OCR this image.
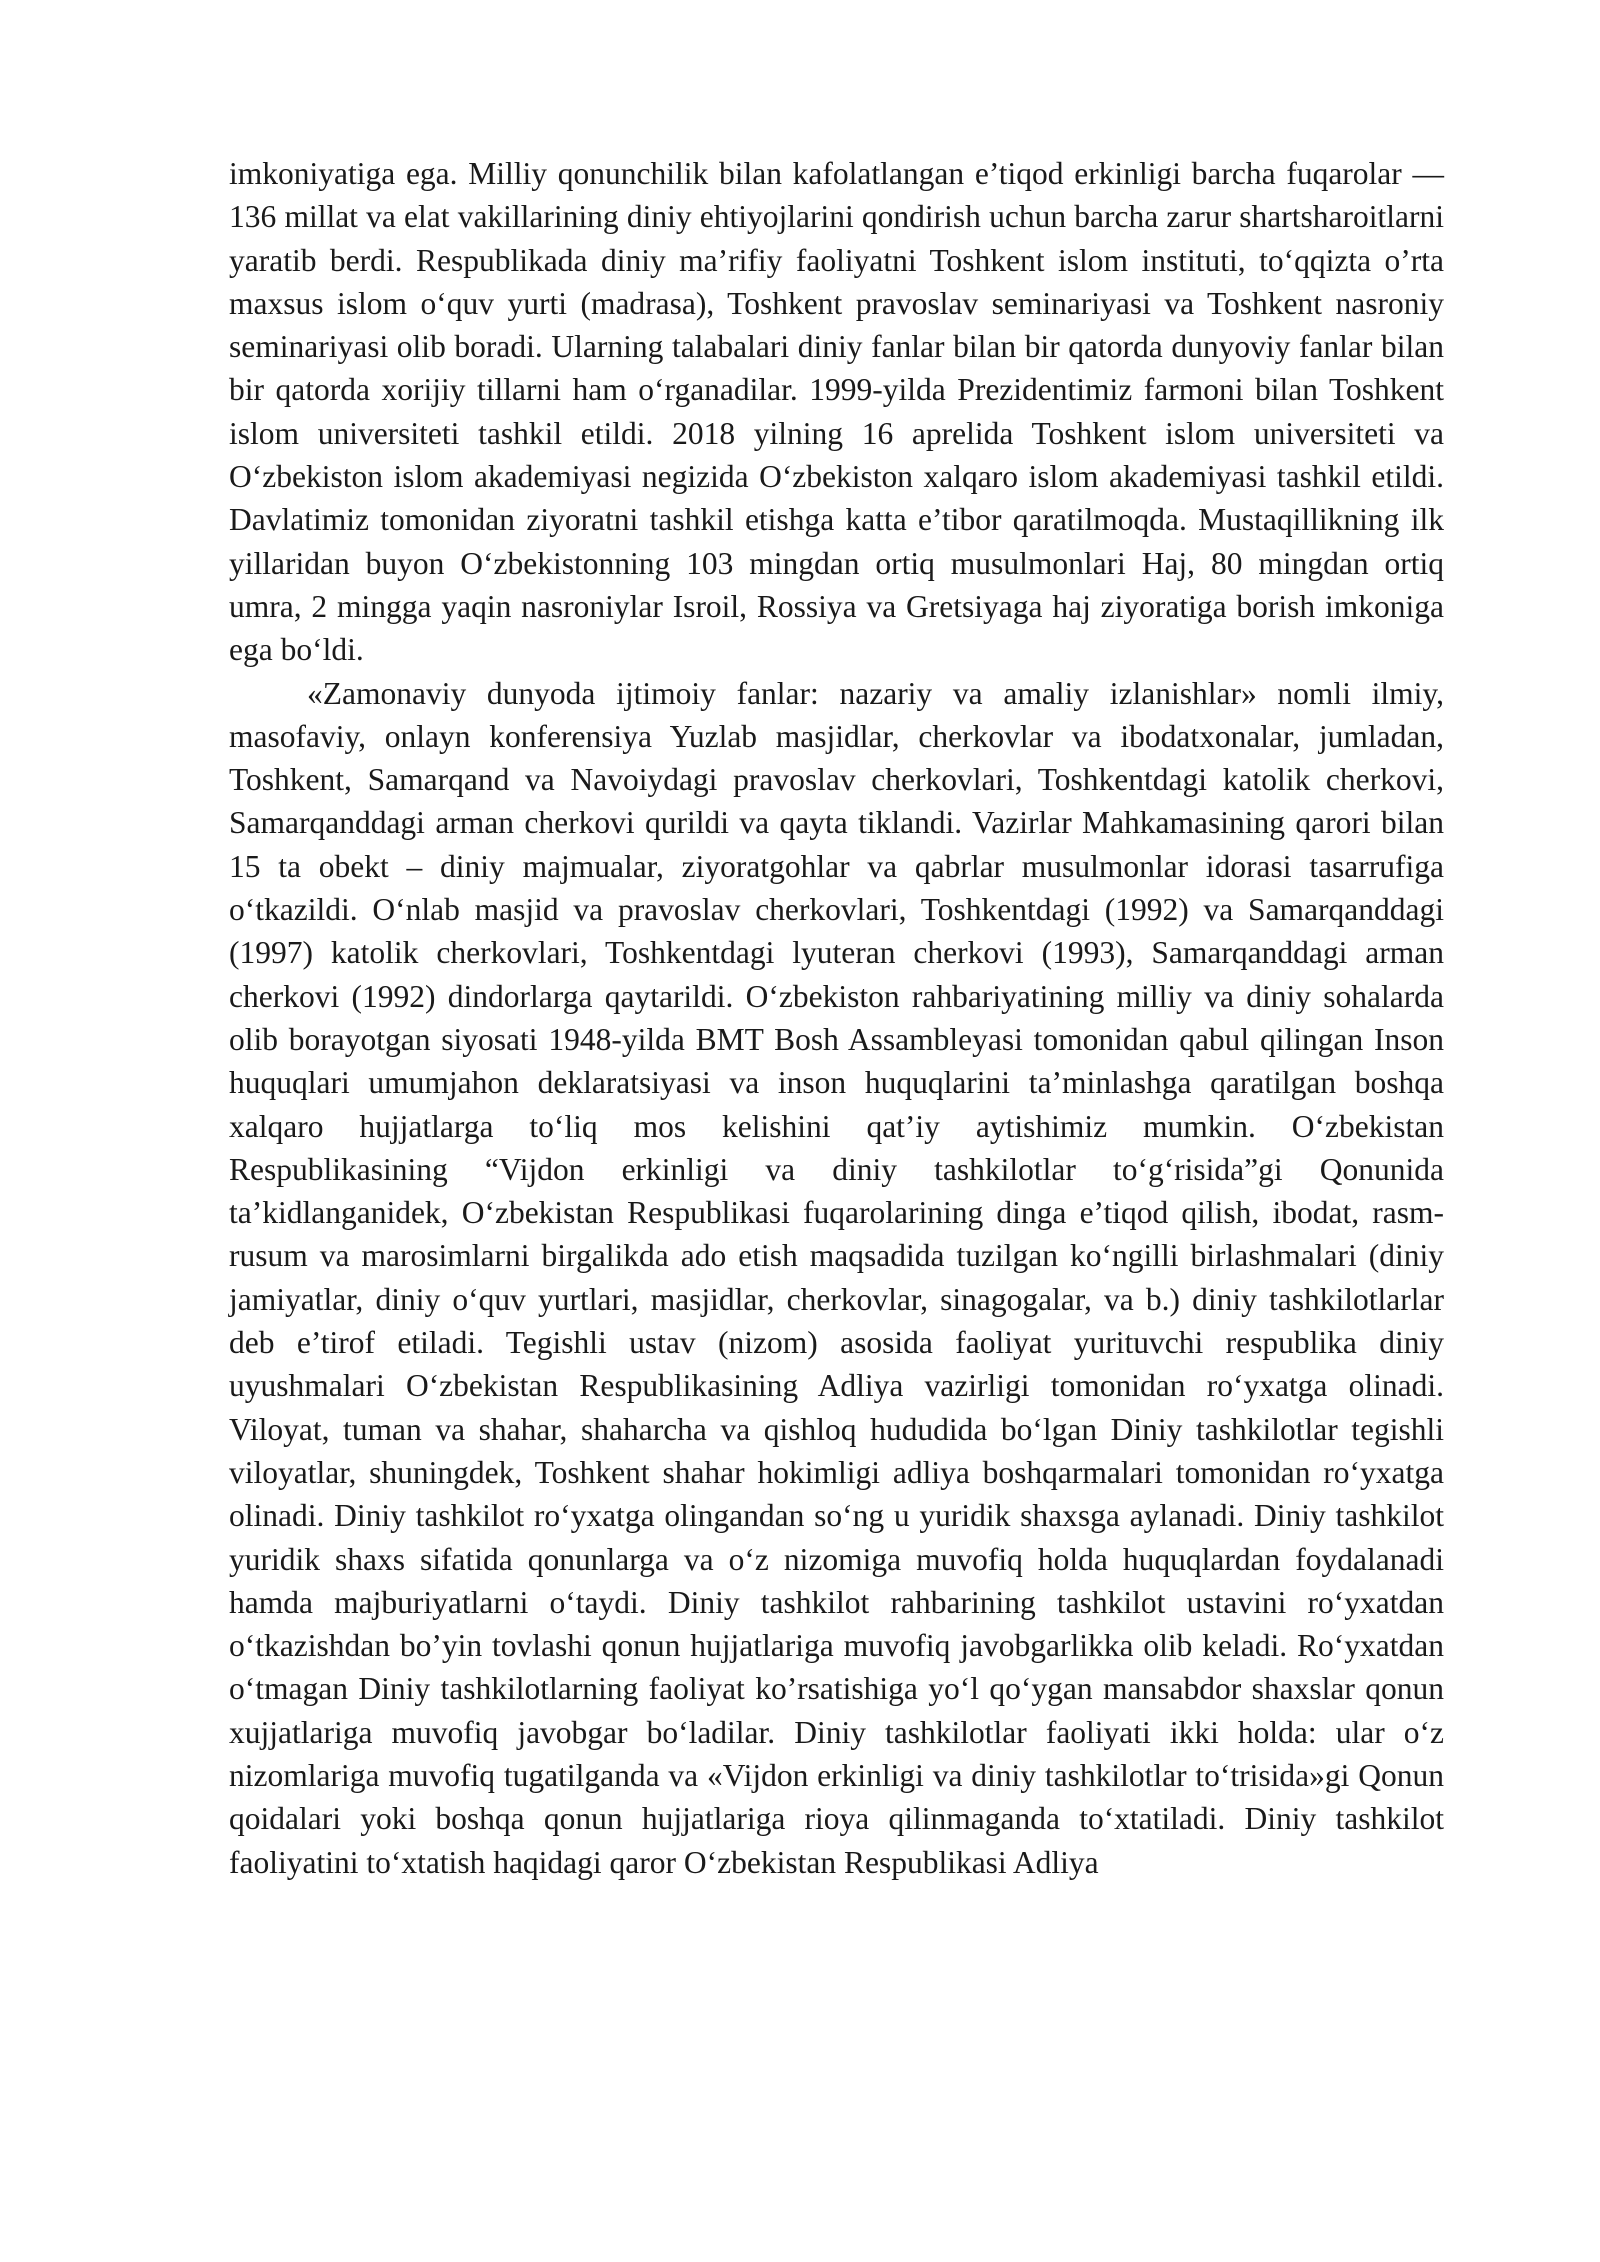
imkoniyatiga ega. Milliy qonunchilik bilan kafolatlangan e’tiqod erkinligi barcha fuqarolar — 136 millat va elat vakillarining diniy ehtiyojlarini qondirish uchun barcha zarur shartsharoitlarni yaratib berdi. Respublikada diniy ma’rifiy faoliyatni Toshkent islom instituti, to‘qqizta o’rta maxsus islom o‘quv yurti (madrasa), Toshkent pravoslav seminariyasi va Toshkent nasroniy seminariyasi olib boradi. Ularning talabalari diniy fanlar bilan bir qatorda dunyoviy fanlar bilan bir qatorda xorijiy tillarni ham o‘rganadilar. 1999-yilda Prezidentimiz farmoni bilan Toshkent islom universiteti tashkil etildi. 2018 yilning 16 aprelida Toshkent islom universiteti va O‘zbekiston islom akademiyasi negizida O‘zbekiston xalqaro islom akademiyasi tashkil etildi. Davlatimiz tomonidan ziyoratni tashkil etishga katta e’tibor qaratilmoqda. Mustaqillikning ilk yillaridan buyon O‘zbekistonning 103 mingdan ortiq musulmonlari Haj, 80 mingdan ortiq umra, 2 mingga yaqin nasroniylar Isroil, Rossiya va Gretsiyaga haj ziyoratiga borish imkoniga ega bo‘ldi.

«Zamonaviy dunyoda ijtimoiy fanlar: nazariy va amaliy izlanishlar» nomli ilmiy, masofaviy, onlayn konferensiya Yuzlab masjidlar, cherkovlar va ibodatxonalar, jumladan, Toshkent, Samarqand va Navoiydagi pravoslav cherkovlari, Toshkentdagi katolik cherkovi, Samarqanddagi arman cherkovi qurildi va qayta tiklandi. Vazirlar Mahkamasining qarori bilan 15 ta obekt – diniy majmualar, ziyoratgohlar va qabrlar musulmonlar idorasi tasarrufiga o‘tkazildi. O‘nlab masjid va pravoslav cherkovlari, Toshkentdagi (1992) va Samarqanddagi (1997) katolik cherkovlari, Toshkentdagi lyuteran cherkovi (1993), Samarqanddagi arman cherkovi (1992) dindorlarga qaytarildi. O‘zbekiston rahbariyatining milliy va diniy sohalarda olib borayotgan siyosati 1948-yilda BMT Bosh Assambleyasi tomonidan qabul qilingan Inson huquqlari umumjahon deklaratsiyasi va inson huquqlarini ta’minlashga qaratilgan boshqa xalqaro hujjatlarga to‘liq mos kelishini qat’iy aytishimiz mumkin. O‘zbekistan Respublikasining “Vijdon erkinligi va diniy tashkilotlar to‘g‘risida”gi Qonunida ta’kidlanganidek, O‘zbekistan Respublikasi fuqarolarining dinga e’tiqod qilish, ibodat, rasm-rusum va marosimlarni birgalikda ado etish maqsadida tuzilgan ko‘ngilli birlashmalari (diniy jamiyatlar, diniy o‘quv yurtlari, masjidlar, cherkovlar, sinagogalar, va b.) diniy tashkilotlarlar deb e’tirof etiladi. Tegishli ustav (nizom) asosida faoliyat yurituvchi respublika diniy uyushmalari O‘zbekistan Respublikasining Adliya vazirligi tomonidan ro‘yxatga olinadi. Viloyat, tuman va shahar, shaharcha va qishloq hududida bo‘lgan Diniy tashkilotlar tegishli viloyatlar, shuningdek, Toshkent shahar hokimligi adliya boshqarmalari tomonidan ro‘yxatga olinadi. Diniy tashkilot ro‘yxatga olingandan so‘ng u yuridik shaxsga aylanadi. Diniy tashkilot yuridik shaxs sifatida qonunlarga va o‘z nizomiga muvofiq holda huquqlardan foydalanadi hamda majburiyatlarni o‘taydi. Diniy tashkilot rahbarining tashkilot ustavini ro‘yxatdan o‘tkazishdan bo’yin tovlashi qonun hujjatlariga muvofiq javobgarlikka olib keladi. Ro‘yxatdan o‘tmagan Diniy tashkilotlarning faoliyat ko’rsatishiga yo‘l qo‘ygan mansabdor shaxslar qonun xujjatlariga muvofiq javobgar bo‘ladilar. Diniy tashkilotlar faoliyati ikki holda: ular o‘z nizomlariga muvofiq tugatilganda va «Vijdon erkinligi va diniy tashkilotlar to‘trisida»gi Qonun qoidalari yoki boshqa qonun hujjatlariga rioya qilinmaganda to‘xtatiladi. Diniy tashkilot faoliyatini to‘xtatish haqidagi qaror O‘zbekistan Respublikasi Adliya
